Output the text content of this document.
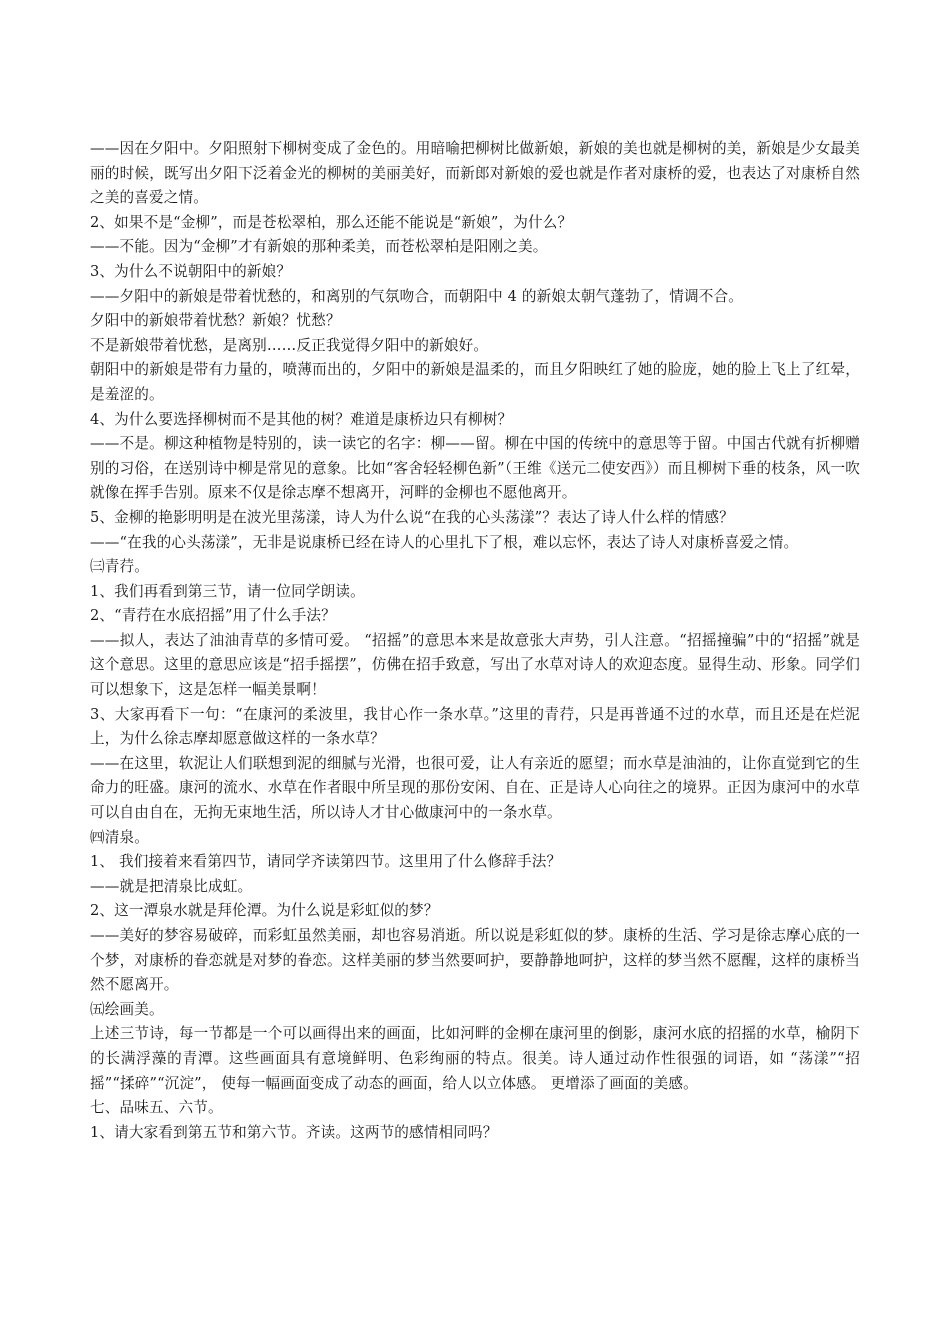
——因在夕阳中。夕阳照射下柳树变成了金色的。用暗喻把柳树比做新娘，新娘的美也就是柳树的美，新娘是少女最美丽的时候，既写出夕阳下泛着金光的柳树的美丽美好，而新郎对新娘的爱也就是作者对康桥的爱，也表达了对康桥自然之美的喜爱之情。

2、如果不是“金柳”，而是苍松翠柏，那么还能不能说是“新娘”，为什么？

——不能。因为“金柳”才有新娘的那种柔美，而苍松翠柏是阳刚之美。

3、为什么不说朝阳中的新娘？

——夕阳中的新娘是带着忧愁的，和离别的气氛吻合，而朝阳中 4 的新娘太朝气蓬勃了，情调不合。

夕阳中的新娘带着忧愁？新娘？忧愁？

不是新娘带着忧愁，是离别……反正我觉得夕阳中的新娘好。

朝阳中的新娘是带有力量的，喷薄而出的，夕阳中的新娘是温柔的，而且夕阳映红了她的脸庞，她的脸上飞上了红晕，是羞涩的。

4、为什么要选择柳树而不是其他的树？难道是康桥边只有柳树？

——不是。柳这种植物是特别的，读一读它的名字：柳——留。柳在中国的传统中的意思等于留。中国古代就有折柳赠别的习俗，在送别诗中柳是常见的意象。比如“客舍轻轻柳色新”（王维《送元二使安西》）而且柳树下垂的枝条，风一吹就像在挥手告别。原来不仅是徐志摩不想离开，河畔的金柳也不愿他离开。

5、金柳的艳影明明是在波光里荡漾，诗人为什么说“在我的心头荡漾”？表达了诗人什么样的情感？

——“在我的心头荡漾”，无非是说康桥已经在诗人的心里扎下了根，难以忘怀，表达了诗人对康桥喜爱之情。

㈢青荇。

1、我们再看到第三节，请一位同学朗读。

2、“青荇在水底招摇”用了什么手法？

——拟人，表达了油油青草的多情可爱。 “招摇”的意思本来是故意张大声势，引人注意。“招摇撞骗”中的“招摇”就是这个意思。这里的意思应该是“招手摇摆”，仿佛在招手致意，写出了水草对诗人的欢迎态度。显得生动、形象。同学们可以想象下，这是怎样一幅美景啊！

3、大家再看下一句：“在康河的柔波里，我甘心作一条水草。”这里的青荇，只是再普通不过的水草，而且还是在烂泥上，为什么徐志摩却愿意做这样的一条水草？

——在这里，软泥让人们联想到泥的细腻与光滑，也很可爱，让人有亲近的愿望；而水草是油油的，让你直觉到它的生命力的旺盛。康河的流水、水草在作者眼中所呈现的那份安闲、自在、正是诗人心向往之的境界。正因为康河中的水草可以自由自在，无拘无束地生活，所以诗人才甘心做康河中的一条水草。

㈣清泉。

1、 我们接着来看第四节，请同学齐读第四节。这里用了什么修辞手法？

——就是把清泉比成虹。

2、这一潭泉水就是拜伦潭。为什么说是彩虹似的梦？

——美好的梦容易破碎，而彩虹虽然美丽，却也容易消逝。所以说是彩虹似的梦。康桥的生活、学习是徐志摩心底的一个梦，对康桥的眷恋就是对梦的眷恋。这样美丽的梦当然要呵护，要静静地呵护，这样的梦当然不愿醒，这样的康桥当然不愿离开。

㈤绘画美。

上述三节诗，每一节都是一个可以画得出来的画面，比如河畔的金柳在康河里的倒影，康河水底的招摇的水草，榆阴下的长满浮藻的青潭。这些画面具有意境鲜明、色彩绚丽的特点。很美。诗人通过动作性很强的词语，如 “荡漾”“招摇”“揉碎”“沉淀”， 使每一幅画面变成了动态的画面，给人以立体感。 更增添了画面的美感。

七、品味五、六节。

1、请大家看到第五节和第六节。齐读。这两节的感情相同吗？
